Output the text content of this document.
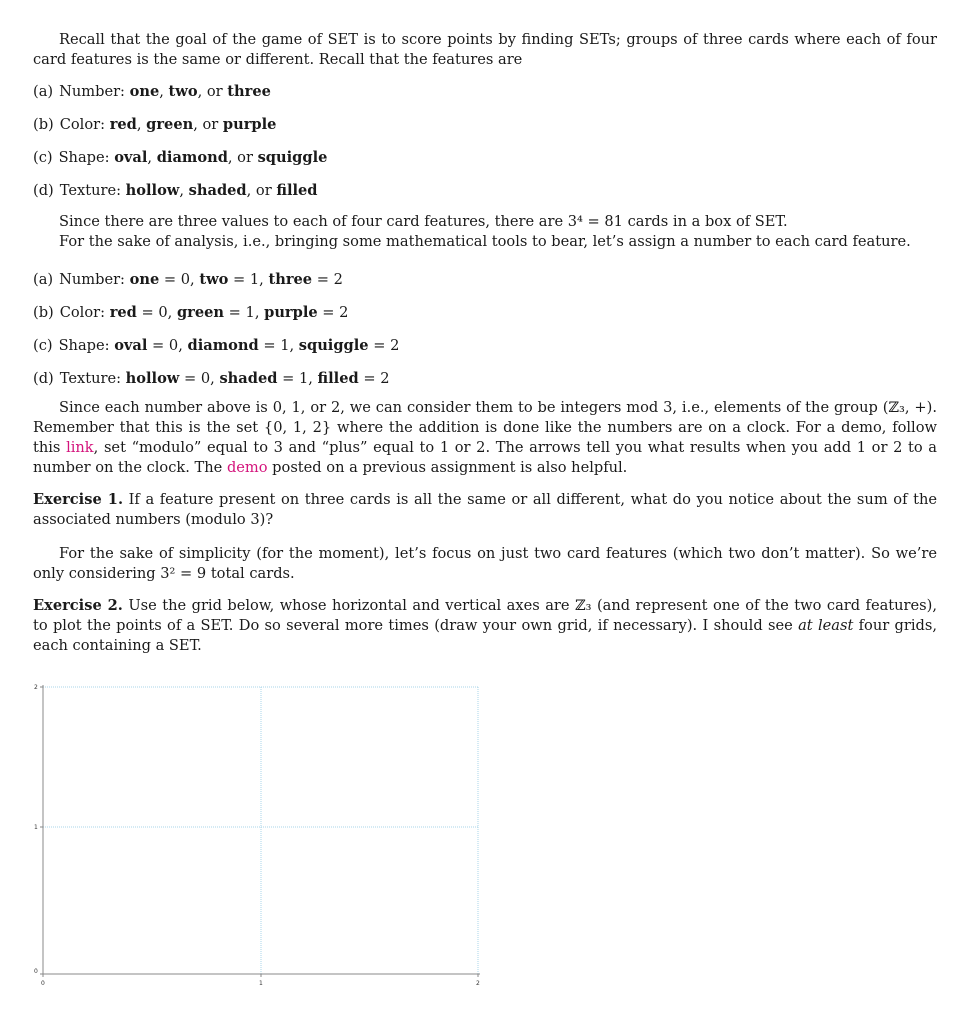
Recall that the goal of the game of SET is to score points by finding SETs; groups of three cards where each of four card features is the same or different. Recall that the features are

(a) Number: one, two, or three
(b) Color: red, green, or purple
(c) Shape: oval, diamond, or squiggle
(d) Texture: hollow, shaded, or filled

Since there are three values to each of four card features, there are 3⁴ = 81 cards in a box of SET.

For the sake of analysis, i.e., bringing some mathematical tools to bear, let’s assign a number to each card feature.

(a) Number: one = 0, two = 1, three = 2
(b) Color: red = 0, green = 1, purple = 2
(c) Shape: oval = 0, diamond = 1, squiggle = 2
(d) Texture: hollow = 0, shaded = 1, filled = 2

Since each number above is 0, 1, or 2, we can consider them to be integers mod 3, i.e., elements of the group (ℤ₃, +). Remember that this is the set {0, 1, 2} where the addition is done like the numbers are on a clock. For a demo, follow this link, set “modulo” equal to 3 and “plus” equal to 1 or 2. The arrows tell you what results when you add 1 or 2 to a number on the clock. The demo posted on a previous assignment is also helpful.

Exercise 1. If a feature present on three cards is all the same or all different, what do you notice about the sum of the associated numbers (modulo 3)?

For the sake of simplicity (for the moment), let’s focus on just two card features (which two don’t matter). So we’re only considering 3² = 9 total cards.

Exercise 2. Use the grid below, whose horizontal and vertical axes are ℤ₃ (and represent one of the two card features), to plot the points of a SET. Do so several more times (draw your own grid, if necessary). I should see at least four grids, each containing a SET.

2
1
0
0	1	2
